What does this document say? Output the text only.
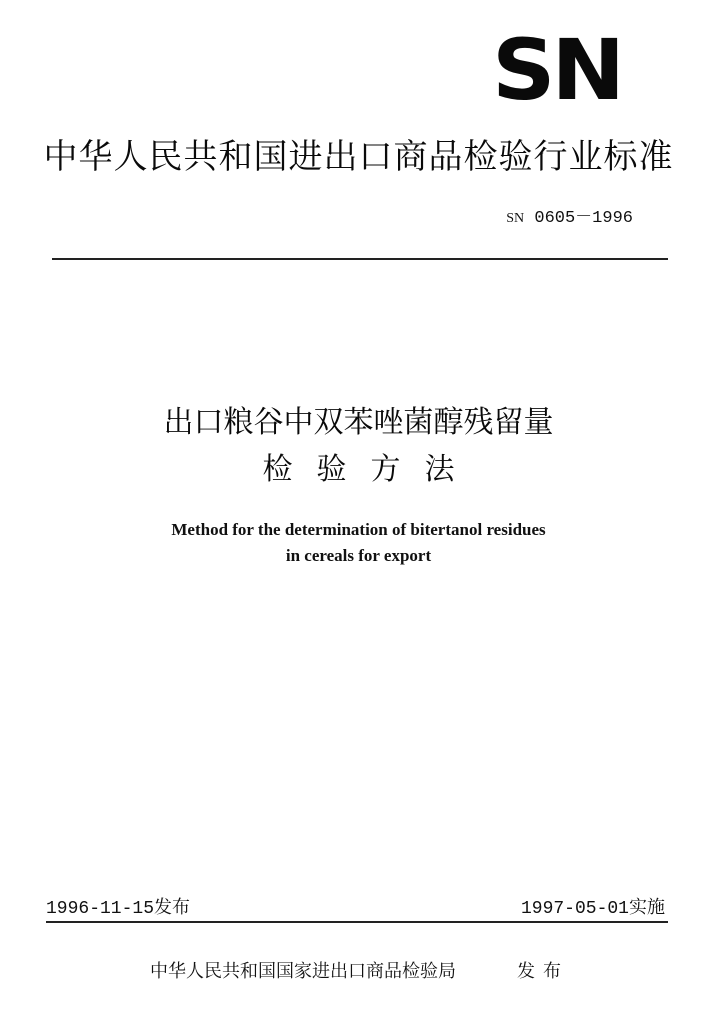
SN
中华人民共和国进出口商品检验行业标准
SN 0605－1996
出口粮谷中双苯唑菌醇残留量
检验方法
Method for the determination of bitertanol residues
in cereals for export
1996-11-15发布	1997-05-01实施
中华人民共和国国家进出口商品检验局	发布
